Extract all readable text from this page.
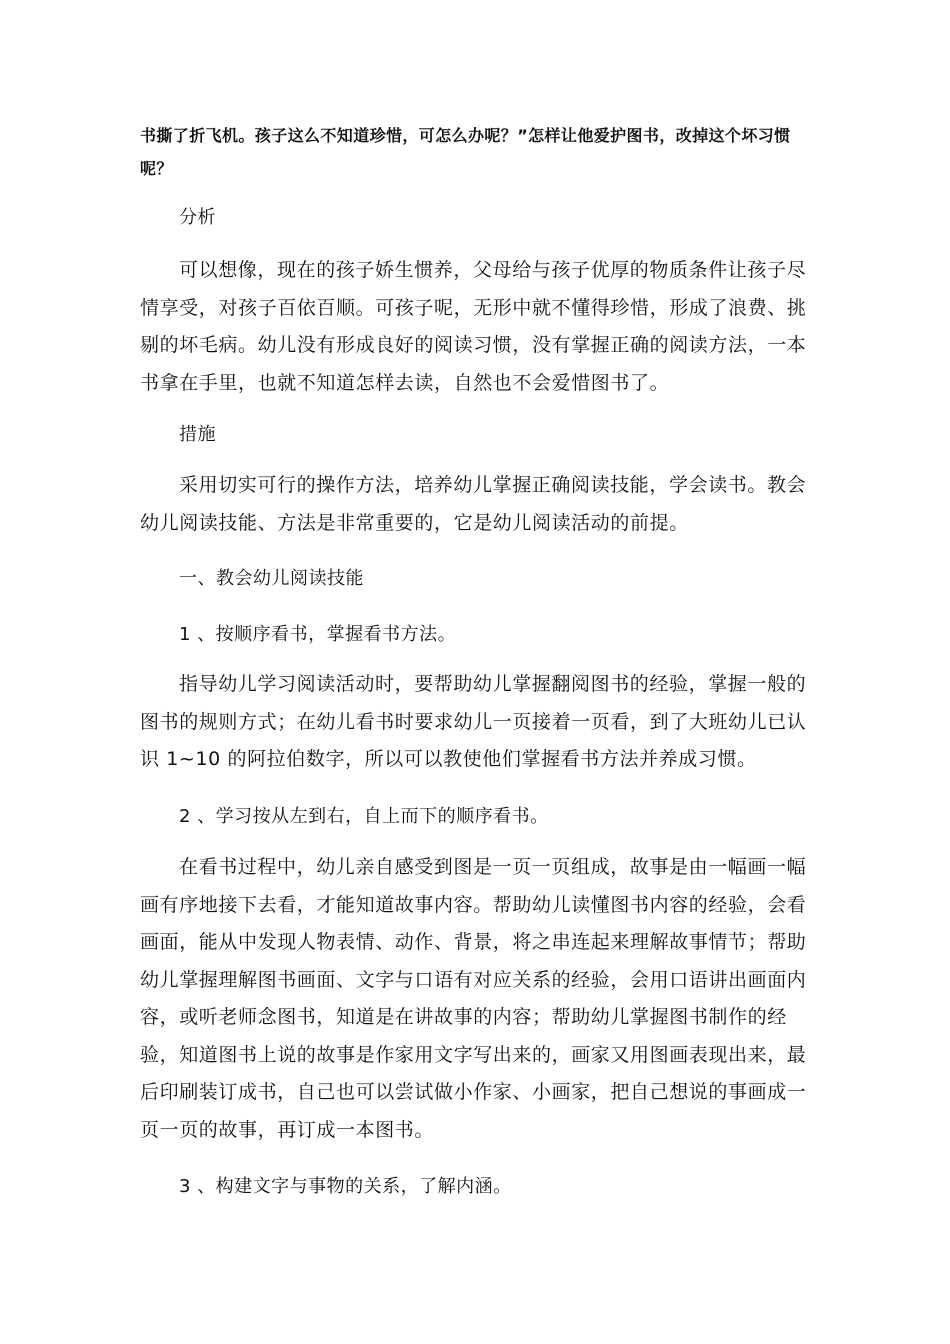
书撕了折飞机。孩子这么不知道珍惜，可怎么办呢？”怎样让他爱护图书，改掉这个坏习惯呢？

分析

可以想像，现在的孩子娇生惯养，父母给与孩子优厚的物质条件让孩子尽情享受，对孩子百依百顺。可孩子呢，无形中就不懂得珍惜，形成了浪费、挑剔的坏毛病。幼儿没有形成良好的阅读习惯，没有掌握正确的阅读方法，一本书拿在手里，也就不知道怎样去读，自然也不会爱惜图书了。

措施

采用切实可行的操作方法，培养幼儿掌握正确阅读技能，学会读书。教会幼儿阅读技能、方法是非常重要的，它是幼儿阅读活动的前提。

一、教会幼儿阅读技能

1 、按顺序看书，掌握看书方法。

指导幼儿学习阅读活动时，要帮助幼儿掌握翻阅图书的经验，掌握一般的图书的规则方式；在幼儿看书时要求幼儿一页接着一页看，到了大班幼儿已认识 1~10 的阿拉伯数字，所以可以教使他们掌握看书方法并养成习惯。

2 、学习按从左到右，自上而下的顺序看书。

在看书过程中，幼儿亲自感受到图是一页一页组成，故事是由一幅画一幅画有序地接下去看，才能知道故事内容。帮助幼儿读懂图书内容的经验，会看画面，能从中发现人物表情、动作、背景，将之串连起来理解故事情节；帮助幼儿掌握理解图书画面、文字与口语有对应关系的经验，会用口语讲出画面内容，或听老师念图书，知道是在讲故事的内容；帮助幼儿掌握图书制作的经验，知道图书上说的故事是作家用文字写出来的，画家又用图画表现出来，最后印刷装订成书，自己也可以尝试做小作家、小画家，把自己想说的事画成一页一页的故事，再订成一本图书。

3 、构建文字与事物的关系，了解内涵。
